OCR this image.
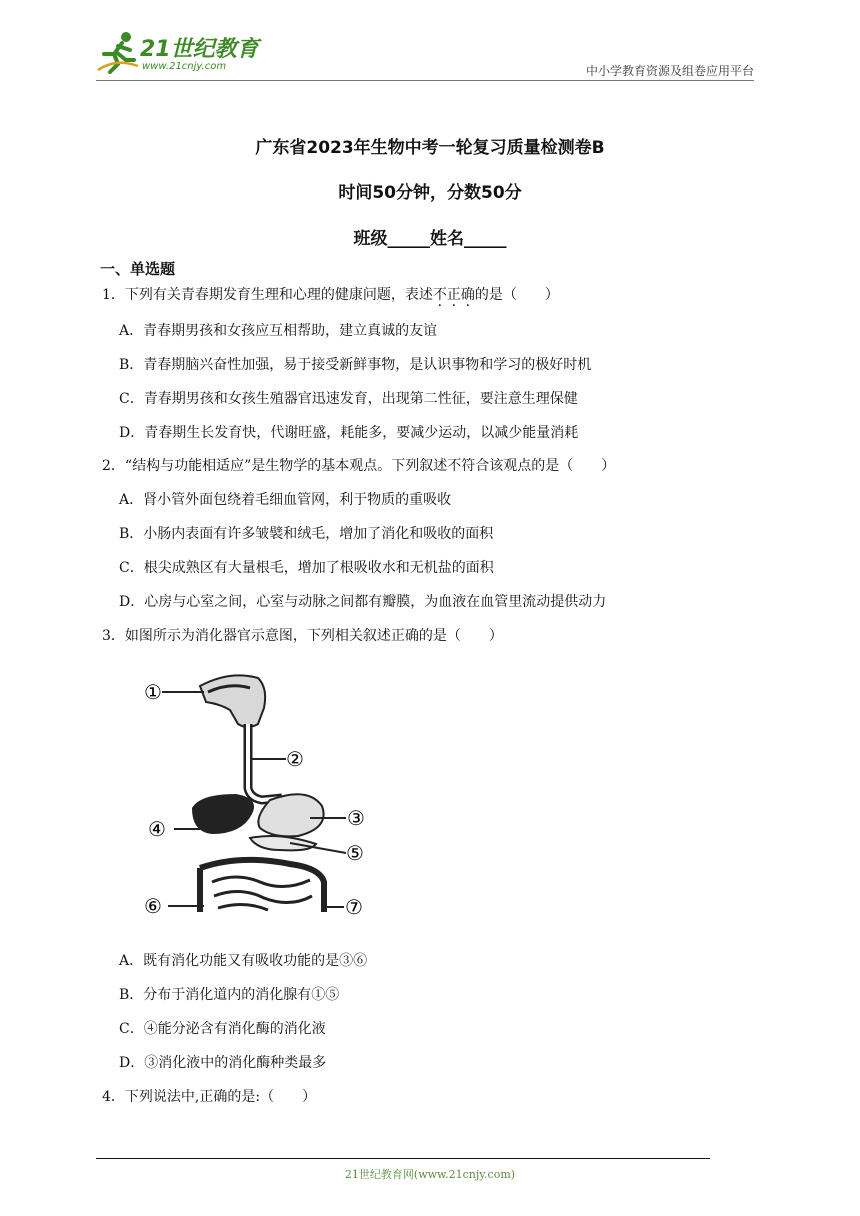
21世纪教育
www.21cnjy.com	中小学教育资源及组卷应用平台
广东省2023年生物中考一轮复习质量检测卷B
时间50分钟，分数50分
班级_____姓名_____
一、单选题
1．下列有关青春期发育生理和心理的健康问题，表述不正确的是（　　）
A．青春期男孩和女孩应互相帮助，建立真诚的友谊
B．青春期脑兴奋性加强，易于接受新鲜事物，是认识事物和学习的极好时机
C．青春期男孩和女孩生殖器官迅速发育，出现第二性征，要注意生理保健
D．青春期生长发育快，代谢旺盛，耗能多，要减少运动，以减少能量消耗
2．“结构与功能相适应”是生物学的基本观点。下列叙述不符合该观点的是（　　）
A．肾小管外面包绕着毛细血管网，利于物质的重吸收
B．小肠内表面有许多皱襞和绒毛，增加了消化和吸收的面积
C．根尖成熟区有大量根毛，增加了根吸收水和无机盐的面积
D．心房与心室之间，心室与动脉之间都有瓣膜，为血液在血管里流动提供动力
3．如图所示为消化器官示意图，下列相关叙述正确的是（　　）
①
②
③
④
⑤
⑥	⑦
A．既有消化功能又有吸收功能的是③⑥
B．分布于消化道内的消化腺有①⑤
C．④能分泌含有消化酶的消化液
D．③消化液中的消化酶种类最多
4．下列说法中,正确的是:（　　）
21世纪教育网(www.21cnjy.com)
